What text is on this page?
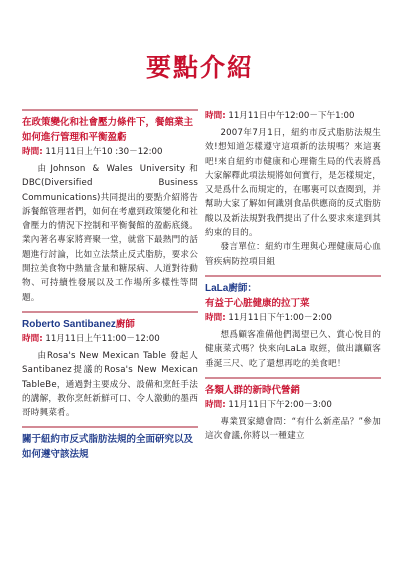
要點介紹

在政策變化和社會壓力條件下，餐館業主如何進行管理和平衡盈虧

時間: 11月11日上午10 :30－12:00

由Johnson & Wales University和DBC(Diversified Business Communications)共同提出的要點介紹將告訴餐館管理者們，如何在考慮到政策變化和社會壓力的情況下控制和平衡餐館的盈虧底綫。業內著名專家將齊聚一堂，就當下最熱門的話題進行討論，比如立法禁止反式脂肪，要求公開拉美食物中熱量含量和糖尿病、人道對待動物、可持續性發展以及工作場所多樣性等問題。

Roberto Santibanez廚師

時間: 11月11日上午11:00－12:00

由Rosa's New Mexican Table 發起人Santibanez提議的Rosa's New Mexican TableBe，通過對主要成分、設備和烹飪手法的講解，教你烹飪新鮮可口、令人激動的墨西哥時興菜肴。

關于紐約市反式脂肪法規的全面研究以及如何遵守該法規

時間: 11月11日中午12:00－下午1:00

2007年7月1日，紐約市反式脂肪法規生效!想知道怎樣遵守這項新的法規嗎？來這裏吧!來自紐約市健康和心理衛生局的代表將爲大家解釋此項法規將如何實行，是怎樣規定，又是爲什么而規定的，在哪裏可以查閱到，并幫助大家了解如何識別食品供應商的反式脂肪酸以及新法規對我們提出了什么要求來達到其約束的目的。

發言單位：紐約市生理與心理健康局心血管疾病防控項目組

LaLa廚師：

有益于心脏健康的拉丁菜

時間: 11月11日下午1:00－2:00

想爲顧客准備他們渴望已久、賞心悅目的健康菜式嗎？快來向LaLa 取經，做出讓顧客垂涎三尺、吃了還想再吃的美食吧！

各類人群的新時代營銷

時間: 11月11日下午2:00－3:00

專業買家總會問：“有什么新產品？”參加這次會議,你將以一種建立
